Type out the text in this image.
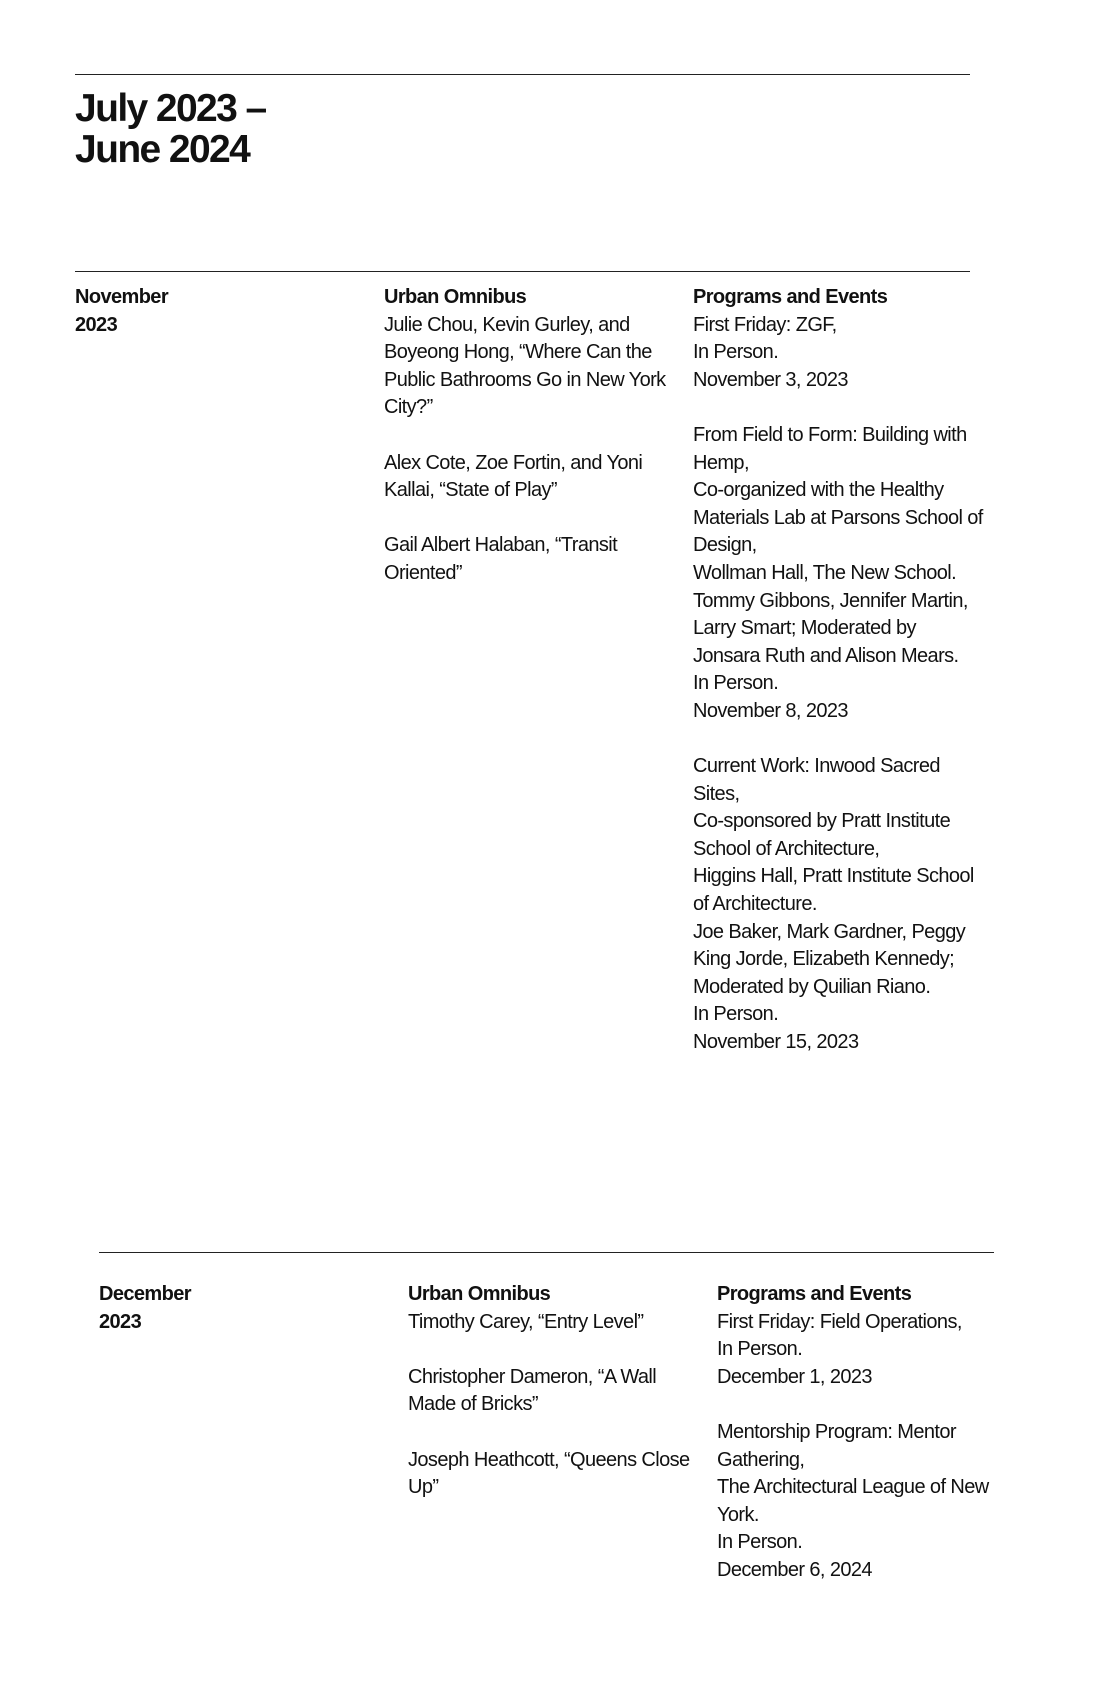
July 2023 –
June 2024
November
2023
Urban Omnibus
Julie Chou, Kevin Gurley, and Boyeong Hong, “Where Can the Public Bathrooms Go in New York City?”
Alex Cote, Zoe Fortin, and Yoni Kallai, “State of Play”
Gail Albert Halaban, “Transit Oriented”
Programs and Events
First Friday: ZGF,
In Person.
November 3, 2023
From Field to Form: Building with Hemp,
Co-organized with the Healthy Materials Lab at Parsons School of Design,
Wollman Hall, The New School.
Tommy Gibbons, Jennifer Martin, Larry Smart; Moderated by Jonsara Ruth and Alison Mears.
In Person.
November 8, 2023
Current Work: Inwood Sacred Sites,
Co-sponsored by Pratt Institute School of Architecture,
Higgins Hall, Pratt Institute School of Architecture.
Joe Baker, Mark Gardner, Peggy King Jorde, Elizabeth Kennedy; Moderated by Quilian Riano.
In Person.
November 15, 2023
December
2023
Urban Omnibus
Timothy Carey, “Entry Level”
Christopher Dameron, “A Wall Made of Bricks”
Joseph Heathcott, “Queens Close Up”
Programs and Events
First Friday: Field Operations,
In Person.
December 1, 2023
Mentorship Program: Mentor Gathering,
The Architectural League of New York.
In Person.
December 6, 2024
